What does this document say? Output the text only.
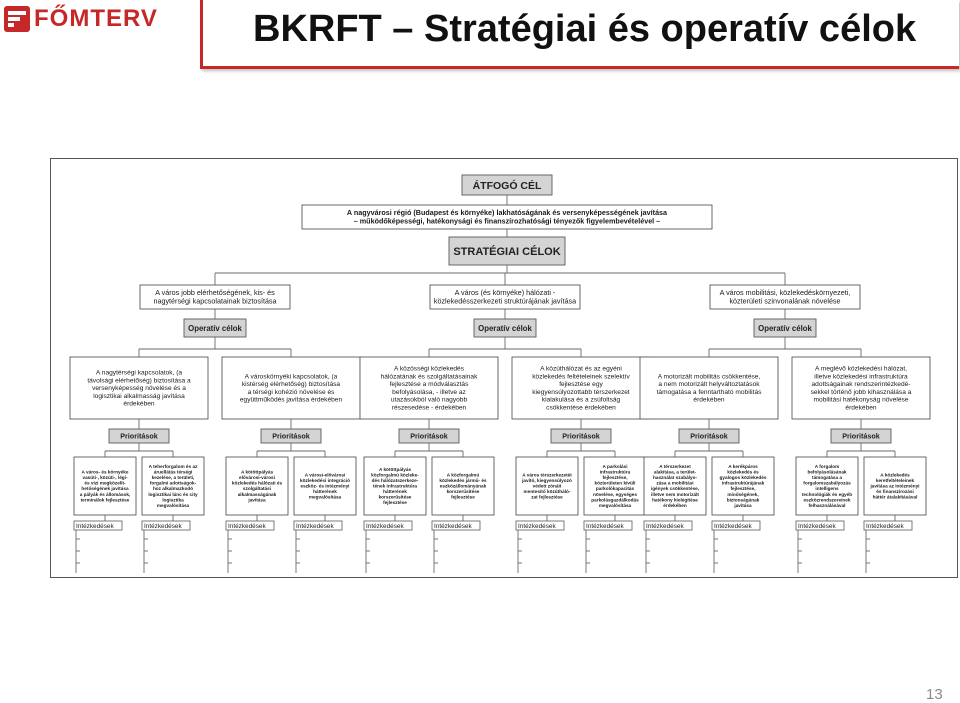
FŐMTERV	BKRFT – Stratégiai és operatív célok
ÁTFOGÓ CÉL
A nagyvárosi régió (Budapest és környéke) lakhatóságának és versenyképességének javítása
– működőképességi, hatékonysági és finanszírozhatósági tényezők figyelembevételével –
STRATÉGIAI CÉLOK
A város jobb elérhetőségének, kis- és
nagytérségi kapcsolatainak biztosítása
Operatív célok
A nagytérségi kapcsolatok, (a
távolsági elérhetőség) biztosítása a
versenyképesség növelése és a
logisztikai alkalmasság javítása
érdekében
Prioritások
A város- és környéke
vasúti-, közúti-, légi-
és vízi megközelít-
hetőségének javítása
a pályák és állomások,
terminálok fejlesztése
Intézkedések
A teherforgalom és az
áruellátás térségi
kezelése, a területi,
forgalmi adottságok-
hoz alkalmazkodó
logisztikai lánc és city
logisztika
megvalósítása
Intézkedések
A városkörnyéki kapcsolatok, (a
kistérség elérhetőség) biztosítása
a térségi kohézió növelése és
együttműködés javítása érdekében
Prioritások
A kötöttpályás
elővárosi-városi
közlekedés hálózati és
szolgáltatási
alkalmasságának
javítása
Intézkedések
A városi-elővárosi
közlekedési integráció
eszköz- és intézményi
hátterének
megvalósítása
Intézkedések
A város (és környéke) hálózati -
közlekedésszerkezeti struktúrájának javítása
Operatív célok
A közösségi közlekedés
hálózatának és szolgáltatásainak
fejlesztése a módválasztás
befolyásolása, - illetve az
utazásokból való nagyobb
részesedése - érdekében
Prioritások
A kötöttpályás
közforgalmú közleke-
dés hálózatszerkeze-
tének infrastruktúra
hátterének
korszerűsítése
fejlesztése
Intézkedések
A közforgalmú
közlekedés jármű- és
eszközállományának
korszerűsítése
fejlesztése
Intézkedések
A közúthálózat és az egyéni
közlekedés feltételeinek szelektív
fejlesztése egy
kiegyensúlyozottabb térszerkezet
kialakulása és a zsúfoltság
csökkentése érdekében
Prioritások
A város térszerkezetét
javító, kiegyensúlyozó
védett zónáit
mentesítő közútháló-
zat fejlesztése
Intézkedések
A parkolási
infrastruktúra
fejlesztése,
közterületen kívüli
parkolókapacitás
növelése, egységes
parkolásgazdálkodás
megvalósítása
Intézkedések
A város mobilitási, közlekedéskörnyezeti,
közterületi szinvonalának növelése
Operatív célok
A motorizált mobilitás csökkentése,
a nem motorizált helyváltoztatások
támogatása a fenntartható mobilitás
érdekében
Prioritások
A térszerkezet
alakítása, a terület-
használat szabályo-
zása a mobilitási
igények csökkentése,
illetve nem motorizált
hatékony kielégítése
érdekében
Intézkedések
A kerékpáros
közlekedés és
gyalogos közlekedés
infrastruktúrájának
fejlesztése,
minőségének,
biztonságának
javítása
Intézkedések
A meglévő közlekedési hálózat,
illetve közlekedési infrastruktúra
adottságainak rendszerintézkedé-
sekkel történő jobb kihasználása a
mobilitási hatékonyság növelése
érdekében
Prioritások
A forgalom
befolyásolásának
támogatása a
forgalomszabályozás
intelligens
technológiák és egyéb
eszközrendszereinek
felhasználásával
Intézkedések
A közlekedés
keretfeltételeinek
javítása az intézményi
és finanszírozási
háttér átalakításával
Intézkedések
13
